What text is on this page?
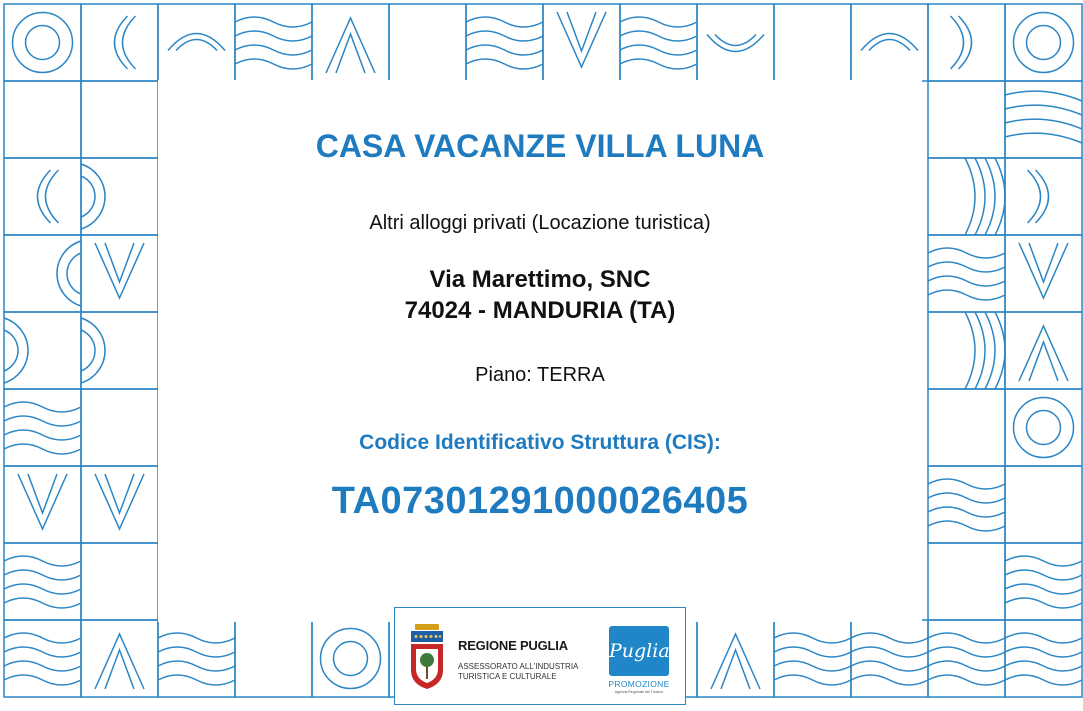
CASA VACANZE VILLA LUNA
Altri alloggi privati (Locazione turistica)
Via Marettimo, SNC
74024 - MANDURIA (TA)
Piano: TERRA
Codice Identificativo Struttura (CIS):
TA07301291000026405
REGIONE PUGLIA
ASSESSORATO ALL'INDUSTRIA
TURISTICA E CULTURALE
Puglia
PROMOZIONE
Agenzia Regionale del Turismo
